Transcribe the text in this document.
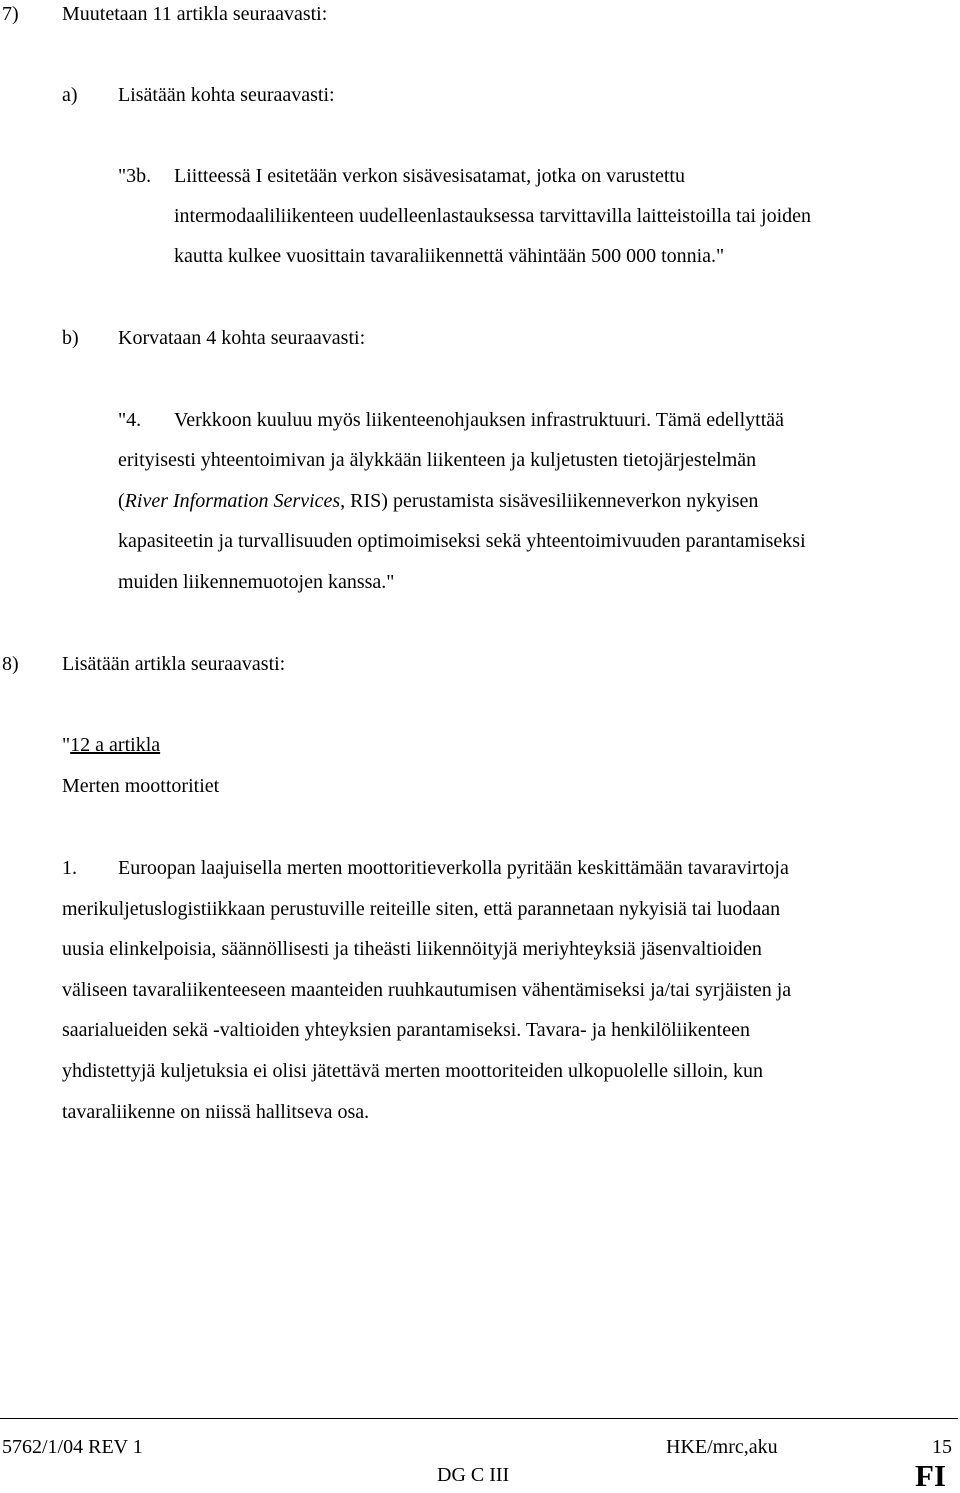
7) Muutetaan 11 artikla seuraavasti:
a) Lisätään kohta seuraavasti:
"3b. Liitteessä I esitetään verkon sisävesisatamat, jotka on varustettu
intermodaaliliikenteen uudelleenlastauksessa tarvittavilla laitteistoilla tai joiden
kautta kulkee vuosittain tavaraliikennettä vähintään 500 000 tonnia."
b) Korvataan 4 kohta seuraavasti:
"4. Verkkoon kuuluu myös liikenteenohjauksen infrastruktuuri. Tämä edellyttää
erityisesti yhteentoimivan ja älykkään liikenteen ja kuljetusten tietojärjestelmän
(River Information Services, RIS) perustamista sisävesiliikenneverkon nykyisen
kapasiteetin ja turvallisuuden optimoimiseksi sekä yhteentoimivuuden parantamiseksi
muiden liikennemuotojen kanssa."
8) Lisätään artikla seuraavasti:
"12 a artikla
Merten moottoritiet
1. Euroopan laajuisella merten moottoritieverkolla pyritään keskittämään tavaravirtoja
merikuljetuslogistiikkaan perustuville reiteille siten, että parannetaan nykyisiä tai luodaan
uusia elinkelpoisia, säännöllisesti ja tiheästi liikennöityjä meriyhteyksiä jäsenvaltioiden
väliseen tavaraliikenteeseen maanteiden ruuhkautumisen vähentämiseksi ja/tai syrjäisten ja
saarialueiden sekä -valtioiden yhteyksien parantamiseksi. Tavara- ja henkilöliikenteen
yhdistettyjä kuljetuksia ei olisi jätettävä merten moottoriteiden ulkopuolelle silloin, kun
tavaraliikenne on niissä hallitseva osa.
5762/1/04 REV 1	HKE/mrc,aku	15
DG C III	FI
